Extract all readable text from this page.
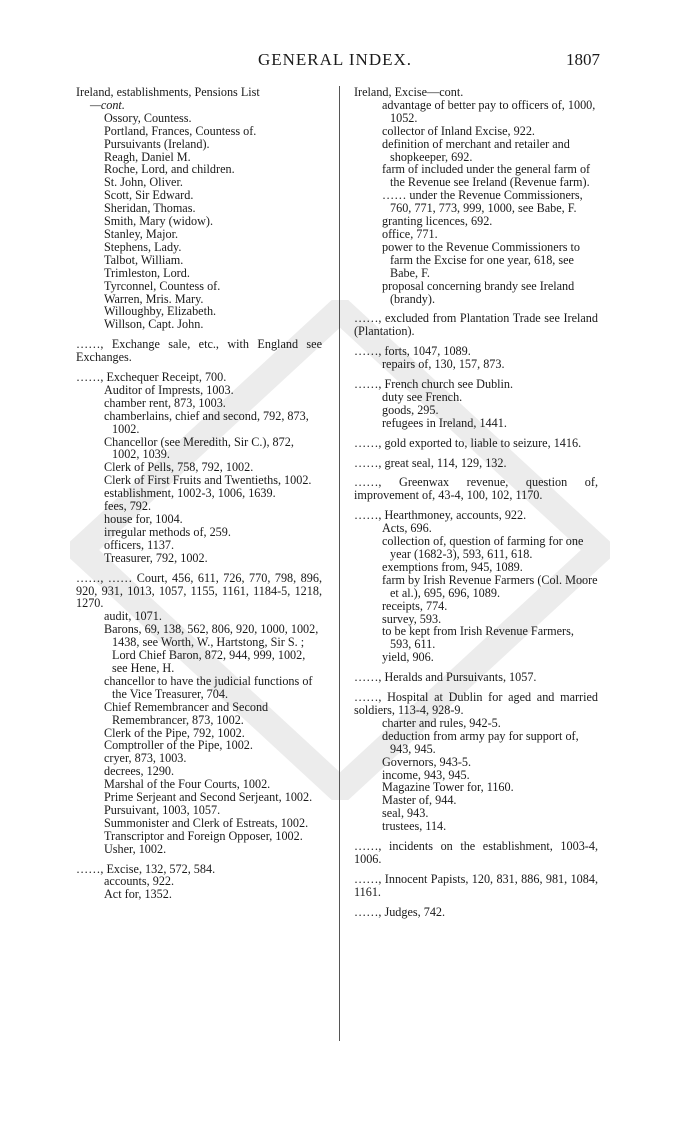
GENERAL INDEX.	1807
Ireland, establishments, Pensions List
—cont.
Ossory, Countess.
Portland, Frances, Countess of.
Pursuivants (Ireland).
Reagh, Daniel M.
Roche, Lord, and children.
St. John, Oliver.
Scott, Sir Edward.
Sheridan, Thomas.
Smith, Mary (widow).
Stanley, Major.
Stephens, Lady.
Talbot, William.
Trimleston, Lord.
Tyrconnel, Countess of.
Warren, Mris. Mary.
Willoughby, Elizabeth.
Willson, Capt. John.
……, Exchange sale, etc., with England see Exchanges.
……, Exchequer Receipt, 700.
Auditor of Imprests, 1003.
chamber rent, 873, 1003.
chamberlains, chief and second, 792, 873, 1002.
Chancellor (see Meredith, Sir C.), 872, 1002, 1039.
Clerk of Pells, 758, 792, 1002.
Clerk of First Fruits and Twentieths, 1002.
establishment, 1002-3, 1006, 1639.
fees, 792.
house for, 1004.
irregular methods of, 259.
officers, 1137.
Treasurer, 792, 1002.
……, …… Court, 456, 611, 726, 770, 798, 896, 920, 931, 1013, 1057, 1155, 1161, 1184-5, 1218, 1270.
audit, 1071.
Barons, 69, 138, 562, 806, 920, 1000, 1002, 1438, see Worth, W., Hartstong, Sir S. ; Lord Chief Baron, 872, 944, 999, 1002, see Hene, H.
chancellor to have the judicial functions of the Vice Treasurer, 704.
Chief Remembrancer and Second Remembrancer, 873, 1002.
Clerk of the Pipe, 792, 1002.
Comptroller of the Pipe, 1002.
cryer, 873, 1003.
decrees, 1290.
Marshal of the Four Courts, 1002.
Prime Serjeant and Second Serjeant, 1002.
Pursuivant, 1003, 1057.
Summonister and Clerk of Estreats, 1002.
Transcriptor and Foreign Opposer, 1002.
Usher, 1002.
……, Excise, 132, 572, 584.
accounts, 922.
Act for, 1352.
Ireland, Excise—cont.
advantage of better pay to officers of, 1000, 1052.
collector of Inland Excise, 922.
definition of merchant and retailer and shopkeeper, 692.
farm of included under the general farm of the Revenue see Ireland (Revenue farm).
…… under the Revenue Commissioners, 760, 771, 773, 999, 1000, see Babe, F.
granting licences, 692.
office, 771.
power to the Revenue Commissioners to farm the Excise for one year, 618, see Babe, F.
proposal concerning brandy see Ireland (brandy).
……, excluded from Plantation Trade see Ireland (Plantation).
……, forts, 1047, 1089.
repairs of, 130, 157, 873.
……, French church see Dublin.
duty see French.
goods, 295.
refugees in Ireland, 1441.
……, gold exported to, liable to seizure, 1416.
……, great seal, 114, 129, 132.
……, Greenwax revenue, question of, improvement of, 43-4, 100, 102, 1170.
……, Hearthmoney, accounts, 922.
Acts, 696.
collection of, question of farming for one year (1682-3), 593, 611, 618.
exemptions from, 945, 1089.
farm by Irish Revenue Farmers (Col. Moore et al.), 695, 696, 1089.
receipts, 774.
survey, 593.
to be kept from Irish Revenue Farmers, 593, 611.
yield, 906.
……, Heralds and Pursuivants, 1057.
……, Hospital at Dublin for aged and married soldiers, 113-4, 928-9.
charter and rules, 942-5.
deduction from army pay for support of, 943, 945.
Governors, 943-5.
income, 943, 945.
Magazine Tower for, 1160.
Master of, 944.
seal, 943.
trustees, 114.
……, incidents on the establishment, 1003-4, 1006.
……, Innocent Papists, 120, 831, 886, 981, 1084, 1161.
……, Judges, 742.
